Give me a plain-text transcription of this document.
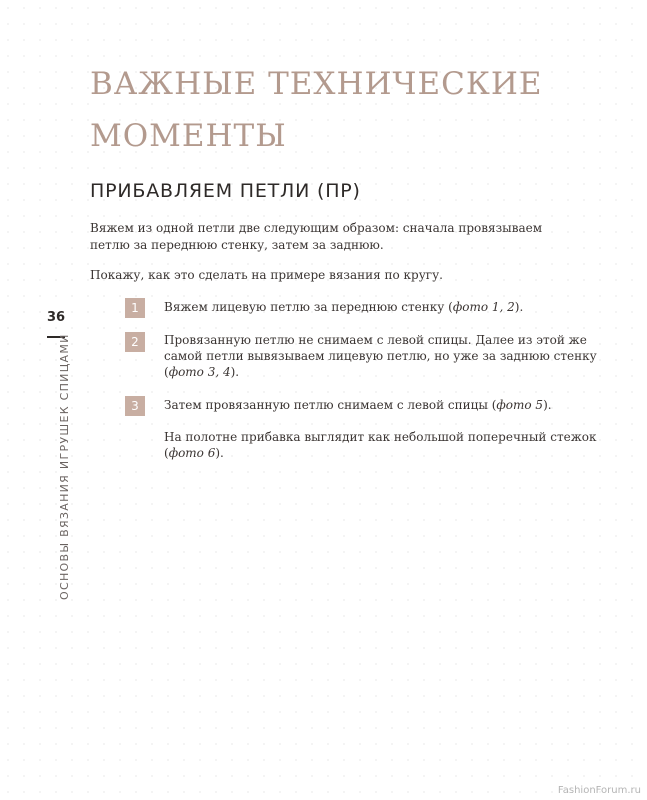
ВАЖНЫЕ ТЕХНИЧЕСКИЕ
МОМЕНТЫ
ПРИБАВЛЯЕМ ПЕТЛИ (ПР)

Вяжем из одной петли две следующим образом: сначала провязываем
петлю за переднюю стенку, затем за заднюю.

Покажу, как это сделать на примере вязания по кругу.

1	Вяжем лицевую петлю за переднюю стенку (фото 1, 2).

2	Провязанную петлю не снимаем с левой спицы. Далее из этой же
самой петли вывязываем лицевую петлю, но уже за заднюю стенку
(фото 3, 4).

3	Затем провязанную петлю снимаем с левой спицы (фото 5).

На полотне прибавка выглядит как небольшой поперечный стежок
(фото 6).

36
ОСНОВЫ ВЯЗАНИЯ ИГРУШЕК СПИЦАМИ
FashionForum.ru
